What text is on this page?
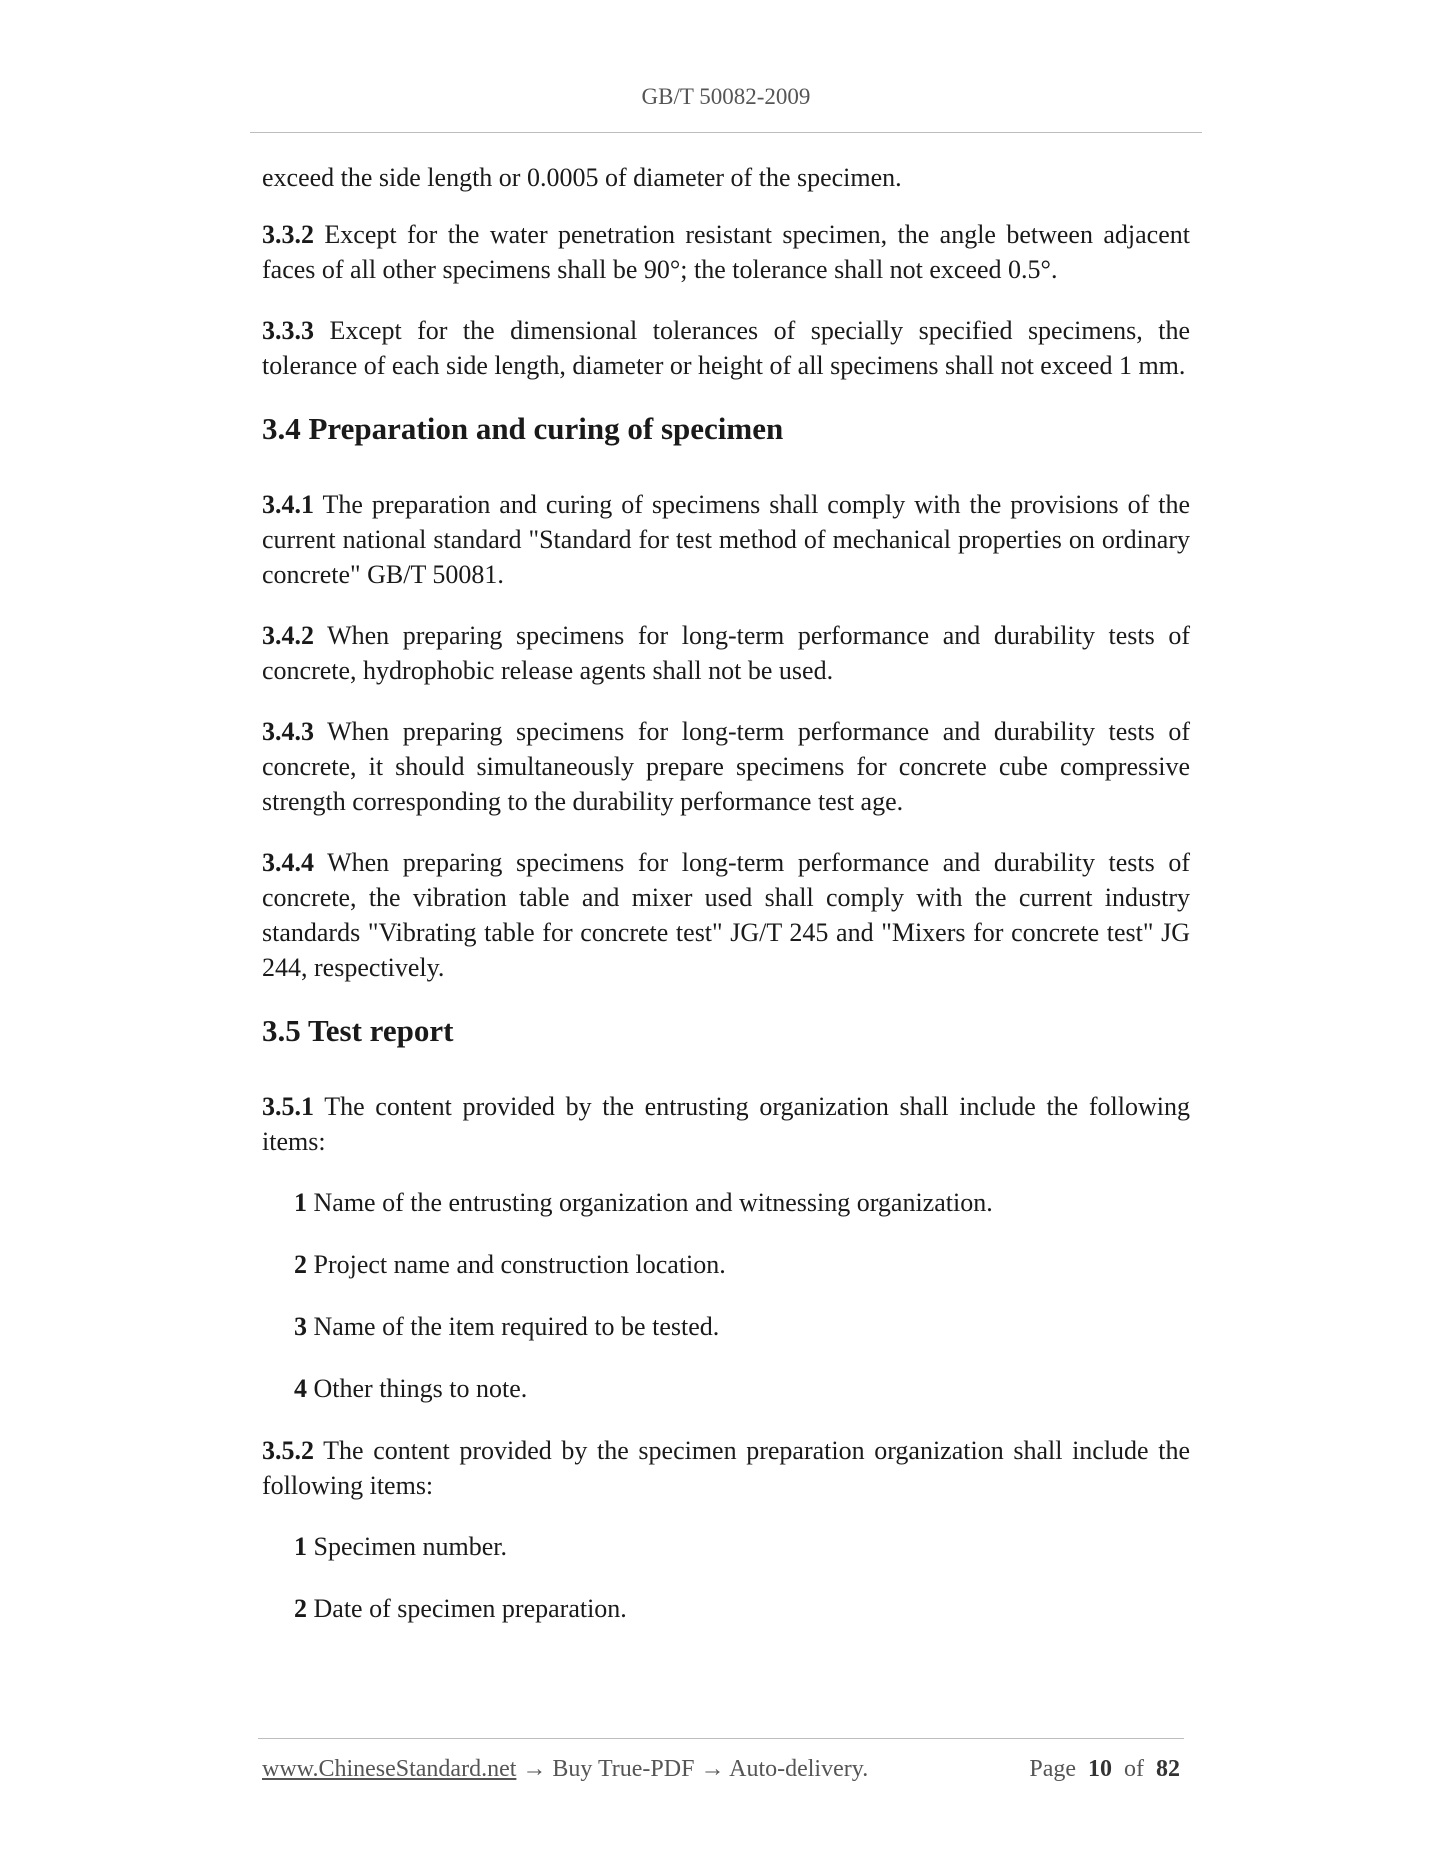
GB/T 50082-2009

exceed the side length or 0.0005 of diameter of the specimen.

3.3.2 Except for the water penetration resistant specimen, the angle between adjacent faces of all other specimens shall be 90°; the tolerance shall not exceed 0.5°.

3.3.3 Except for the dimensional tolerances of specially specified specimens, the tolerance of each side length, diameter or height of all specimens shall not exceed 1 mm.

3.4 Preparation and curing of specimen

3.4.1 The preparation and curing of specimens shall comply with the provisions of the current national standard "Standard for test method of mechanical properties on ordinary concrete" GB/T 50081.

3.4.2 When preparing specimens for long-term performance and durability tests of concrete, hydrophobic release agents shall not be used.

3.4.3 When preparing specimens for long-term performance and durability tests of concrete, it should simultaneously prepare specimens for concrete cube compressive strength corresponding to the durability performance test age.

3.4.4 When preparing specimens for long-term performance and durability tests of concrete, the vibration table and mixer used shall comply with the current industry standards "Vibrating table for concrete test" JG/T 245 and "Mixers for concrete test" JG 244, respectively.

3.5 Test report

3.5.1 The content provided by the entrusting organization shall include the following items:

1 Name of the entrusting organization and witnessing organization.

2 Project name and construction location.

3 Name of the item required to be tested.

4 Other things to note.

3.5.2 The content provided by the specimen preparation organization shall include the following items:

1 Specimen number.

2 Date of specimen preparation.

www.ChineseStandard.net → Buy True-PDF → Auto-delivery.	Page 10 of 82
